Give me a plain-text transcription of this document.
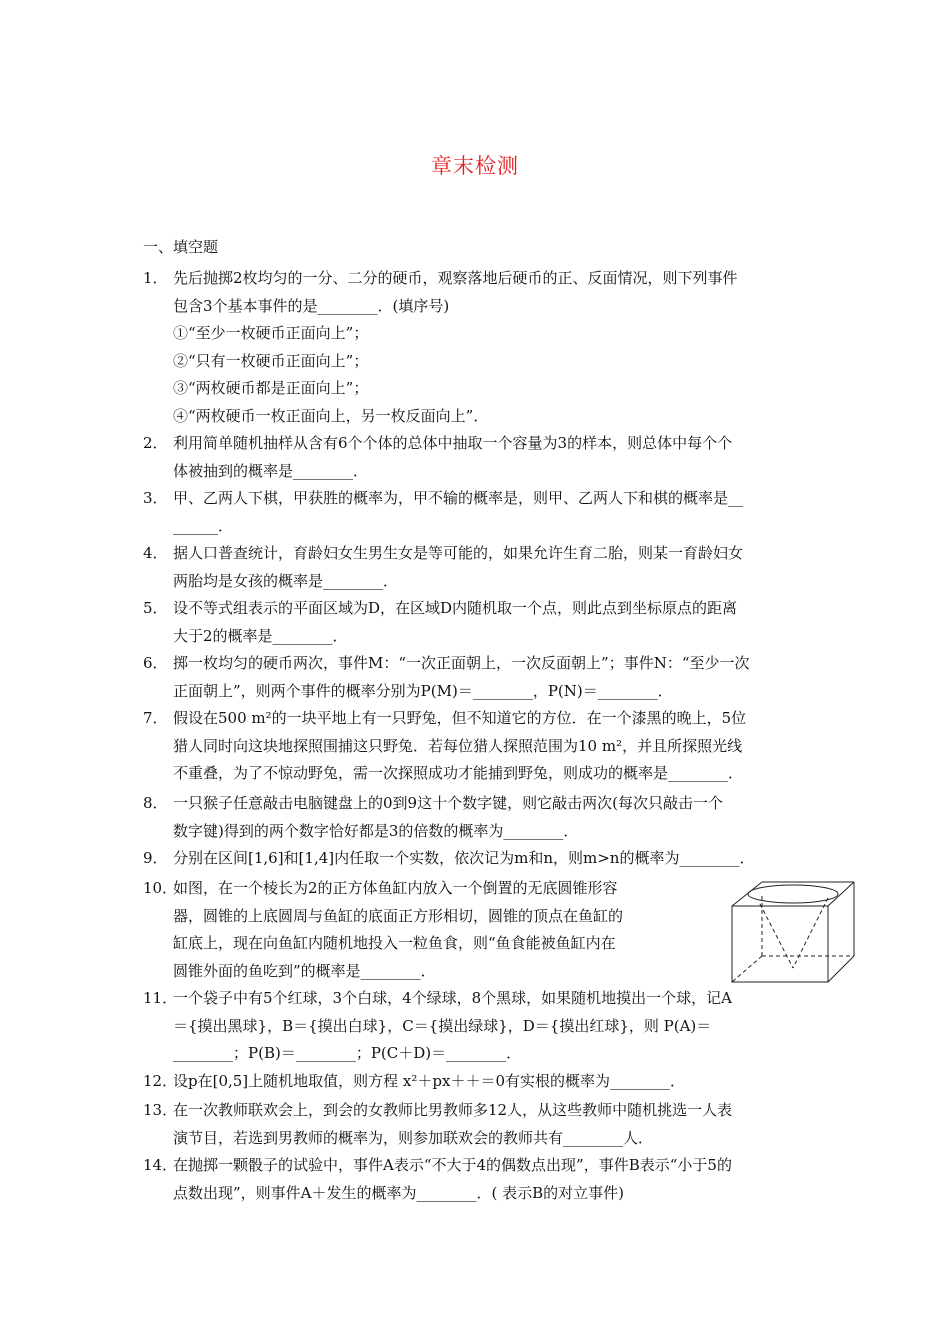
章末检测
一、填空题
1． 先后抛掷2枚均匀的一分、二分的硬币，观察落地后硬币的正、反面情况，则下列事件
包含3个基本事件的是________．(填序号)
①“至少一枚硬币正面向上”；
②“只有一枚硬币正面向上”；
③“两枚硬币都是正面向上”；
④“两枚硬币一枚正面向上，另一枚反面向上”．
2． 利用简单随机抽样从含有6个个体的总体中抽取一个容量为3的样本，则总体中每个个
体被抽到的概率是________．
3． 甲、乙两人下棋，甲获胜的概率为，甲不输的概率是，则甲、乙两人下和棋的概率是__
______．
4． 据人口普查统计，育龄妇女生男生女是等可能的，如果允许生育二胎，则某一育龄妇女
两胎均是女孩的概率是________．
5． 设不等式组表示的平面区域为D，在区域D内随机取一个点，则此点到坐标原点的距离
大于2的概率是________．
6． 掷一枚均匀的硬币两次，事件M：“一次正面朝上，一次反面朝上”；事件N：“至少一次
正面朝上”，则两个事件的概率分别为P(M)＝________，P(N)＝________．
7． 假设在500 m²的一块平地上有一只野兔，但不知道它的方位．在一个漆黑的晚上，5位
猎人同时向这块地探照围捕这只野兔．若每位猎人探照范围为10 m²，并且所探照光线
不重叠，为了不惊动野兔，需一次探照成功才能捕到野兔，则成功的概率是________．
8． 一只猴子任意敲击电脑键盘上的0到9这十个数字键，则它敲击两次(每次只敲击一个
数字键)得到的两个数字恰好都是3的倍数的概率为________．
9． 分别在区间[1,6]和[1,4]内任取一个实数，依次记为m和n，则m>n的概率为________．
10．
如图，在一个棱长为2的正方体鱼缸内放入一个倒置的无底圆锥形容
器，圆锥的上底圆周与鱼缸的底面正方形相切，圆锥的顶点在鱼缸的
缸底上，现在向鱼缸内随机地投入一粒鱼食，则“鱼食能被鱼缸内在
圆锥外面的鱼吃到”的概率是________．
11．
一个袋子中有5个红球，3个白球，4个绿球，8个黑球，如果随机地摸出一个球，记A
＝{摸出黑球}，B＝{摸出白球}，C＝{摸出绿球}，D＝{摸出红球}，则 P(A)＝
________；P(B)＝________；P(C＋D)＝________．
12．
设p在[0,5]上随机地取值，则方程 x²＋px＋＋＝0有实根的概率为________．
13．
在一次教师联欢会上，到会的女教师比男教师多12人，从这些教师中随机挑选一人表
演节目，若选到男教师的概率为，则参加联欢会的教师共有________人．
14．
在抛掷一颗骰子的试验中，事件A表示“不大于4的偶数点出现”，事件B表示“小于5的
点数出现”，则事件A＋发生的概率为________．( 表示B的对立事件)
